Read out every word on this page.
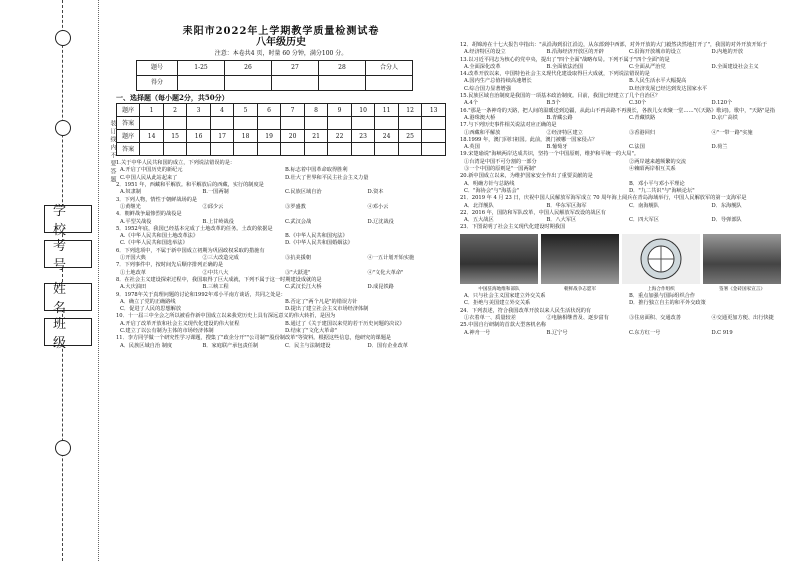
学 校
考 号
姓 名
班 级
装订线内不要答题
耒阳市2022年上学期教学质量检测试卷
八年级历史
注意：本卷共4 页，时量 60 分钟，满分100 分。
题号	1-25	26	27	28	合分人
得分					
一、选择题（每小题2分，共50分）
题序	1	2	3	4	5	6	7	8	9	10	11	12	13
答案													
题序	14	15	16	17	18	19	20	21	22	23	24	25	
答案													
1.关于中华人民共和国的成立，下列说法错误的是：
A.开启了中国历史的新纪元	B.标志着中国革命取得胜利
C.中国人民从此站起来了	D.壮大了世界和平民主社会主义力量
2．1951 年，西藏和平解放。和平解放后的西藏，实行的制度是
A.奴隶制	B.一国两制	C.民族区域自治	D.资本
3．下列人物，情性于朝鲜战场的是
①黄继光	②邱少云	③罗盛教	④邓小云
4．朝鲜战争最惨烈的战役是
A.平型关战役	B.上甘岭战役	C.武汉会战	D.辽沈战役
5．1952年底，我国已经基本完成了土地改革的任务。土改的依据是
A.《中华人民共和国土地改革法》	B.《中华人民共和国宪法》
C.《中华人民共和国选举法》	D.《中华人民共和国婚姻法》
6．下列选项中，不属于新中国成立初期为巩固政权采取的措施有
①开国大典	②三大改造完成	③抗美援朝	④一五计划开始实施
7．下列事件中，按时间先后顺序排列正确的是
①土地改革	②中共八大	③"大跃进"	④"文化大革命"
8．在社会主义建设探索过程中，我国取得了巨大成就，下列不属于这一时期建设成就的是
A.大庆油田	B.三峡工程	C.武汉长江大桥	D.成昆铁路
9．1978年关于真理问题的讨论和1992年邓小平南方谈话，共同之处是：
A．确立了党的正确路线	B.否定了"两个凡是"的错误方针
C．促进了人民的思想解放	D.提出了建立社会主义市场经济体制
10．十一届三中全会之所以被看作新中国成立以来我党历史上具有深远意义的伟大转折，是因为
A.开启了改革开放和社会主义现代化建设的伟大征程	B.通过了《关于建国以来党的若干历史问题的决议》
C.建立了以公有制为主体的市场经济体制	D.结束了"文化大革命"
11．李方同学做一个研究性学习课题，搜集了"政企分开""公司制""股份制改革"等资料。根据这些信息，他研究的课题是
A．民族区域自治 制度	B．家庭联产承包责任制	C．民主与法制建设	D．国有企业改革
12．胡锦涛在十七大报告中指出："从沿海到沿江沿边，从东部到中西部，对外开放的大门毅然决然地打开了"，我国的对外开放开始于
A.经济特区的设立	B.沿海经济开放区的开辟	C.沿海开放城市的设立	D.内地的开放
13.以习近平同志为核心的党中央，提出了"四个全面"战略布局。下列不属于"四个全面"的是
A.全面深化改革	B.全面依法治国	C.全面从严治党	D.全面建设社会主义
14.改革开放以来，中国特色社会主义现代化建设取得巨大成就，下列说法错误的是
A.国内生产总值持续高速增长	B.人民生活水平大幅提高
C.综合国力显著增强	D.经济发展已经达到发达国家水平
15.民族区域自治制度是我国的一项基本政治制度。目前，我国已经建立了几个自治区？
A.4个	B.5个	C.30个	D.120个
16."那是一条神奇的天路，把人间的温暖送到边疆，从此山不再高路不再漫长，各族儿女欢聚一堂……"(《天路》歌词)。歌中，"天路"是指
A.港珠澳大桥	B.青藏公路	C.青藏铁路	D.京广高铁
17.与下列历史事件相关说法对应正确的是
①西藏和平解放	②经济特区建立	③香港回归	④"一带一路"实施
18.1999 年，澳门回归祖国。此前，澳门被哪一国家侵占？
A.英国	B.葡萄牙	C.法国	D.荷兰
19.宋楚瑜说"海峡两岸达成共识，坚持一个中国原则，维护和平统一的大局"。
①台湾是中国不可分割的一部分	②两岸越来越频繁的交流
③一个中国的原则是"一国两制"	④赖昭两岸相互关系
20.新中国成立以来，为维护国家安全作出了重要贡献的是
A．明确方针与总路线	B．邓小平与邓小平理论
C．"海协会"与"海基会"	D．"九二共识"与"海峡论坛"
21．2019 年 4 月 23 日，庆祝中国人民解放军海军成立 70 周年海上阅兵在青岛海域举行，中国人民解放军的第一支海军是
A．北洋舰队	B．华东军区海军	C．南海舰队	D．东海舰队
22．2016 年，国防和军队改革，中国人民解放军改设的战区有
A．五大战区	B．八大军区	C．四大军区	D．导弹部队
23．下图说明了社会主义现代化建设时期我国
中国驻海地维和部队	朝鲜战争志愿军	上海合作组织	签署《金砖国家宣言》
A．只与社会主义国家建立外交关系	B．重点加强与国际组织合作
C．拒绝与美国建立外交关系	D．推行独立自主的和平外交政策
24．下列表述，符合我国改革开放以来人民生活状况的有
①衣着单一、质量较差	②电脑相继普及、逐步富有	③住房面积、交通改善	④交通更加方便、出行快捷
25.中国自行研制的首款大型客机名称
A.神舟一号	B.辽宁号	C.东方红一号	D.C 919
